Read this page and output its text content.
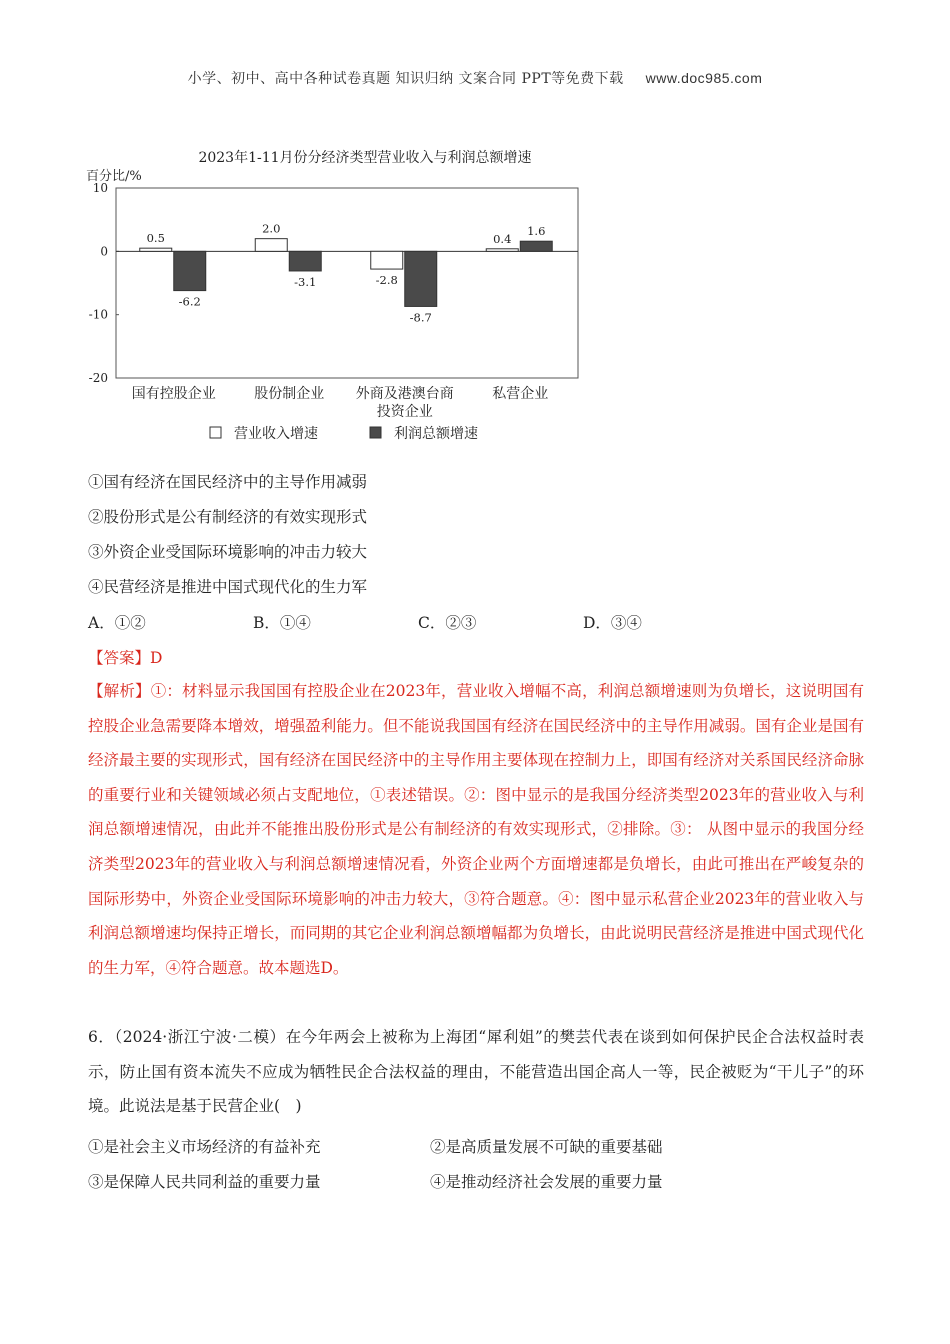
小学、初中、高中各种试卷真题 知识归纳 文案合同 PPT等免费下载 www.doc985.com
2023年1-11月份分经济类型营业收入与利润总额增速
百分比/%
10
0
-10
-20
0.5
-6.2
国有控股企业
2.0
-3.1
股份制企业
-2.8
-8.7
外商及港澳台商
投资企业
0.4
1.6
私营企业
营业收入增速	利润总额增速
①国有经济在国民经济中的主导作用减弱
②股份形式是公有制经济的有效实现形式
③外资企业受国际环境影响的冲击力较大
④民营经济是推进中国式现代化的生力军
A．①②	B．①④	C．②③	D．③④
【答案】D
【解析】①：材料显示我国国有控股企业在2023年，营业收入增幅不高，利润总额增速则为负增长，这说明国有控股企业急需要降本增效，增强盈利能力。但不能说我国国有经济在国民经济中的主导作用减弱。国有企业是国有经济最主要的实现形式，国有经济在国民经济中的主导作用主要体现在控制力上，即国有经济对关系国民经济命脉的重要行业和关键领域必须占支配地位，①表述错误。②：图中显示的是我国分经济类型2023年的营业收入与利润总额增速情况，由此并不能推出股份形式是公有制经济的有效实现形式，②排除。③： 从图中显示的我国分经济类型2023年的营业收入与利润总额增速情况看，外资企业两个方面增速都是负增长，由此可推出在严峻复杂的国际形势中，外资企业受国际环境影响的冲击力较大，③符合题意。④：图中显示私营企业2023年的营业收入与利润总额增速均保持正增长，而同期的其它企业利润总额增幅都为负增长，由此说明民营经济是推进中国式现代化的生力军，④符合题意。故本题选D。
6．（2024·浙江宁波·二模）在今年两会上被称为上海团“犀利姐”的樊芸代表在谈到如何保护民企合法权益时表示，防止国有资本流失不应成为牺牲民企合法权益的理由，不能营造出国企高人一等，民企被贬为“干儿子”的环境。此说法是基于民营企业(　)
①是社会主义市场经济的有益补充	②是高质量发展不可缺的重要基础
③是保障人民共同利益的重要力量	④是推动经济社会发展的重要力量
